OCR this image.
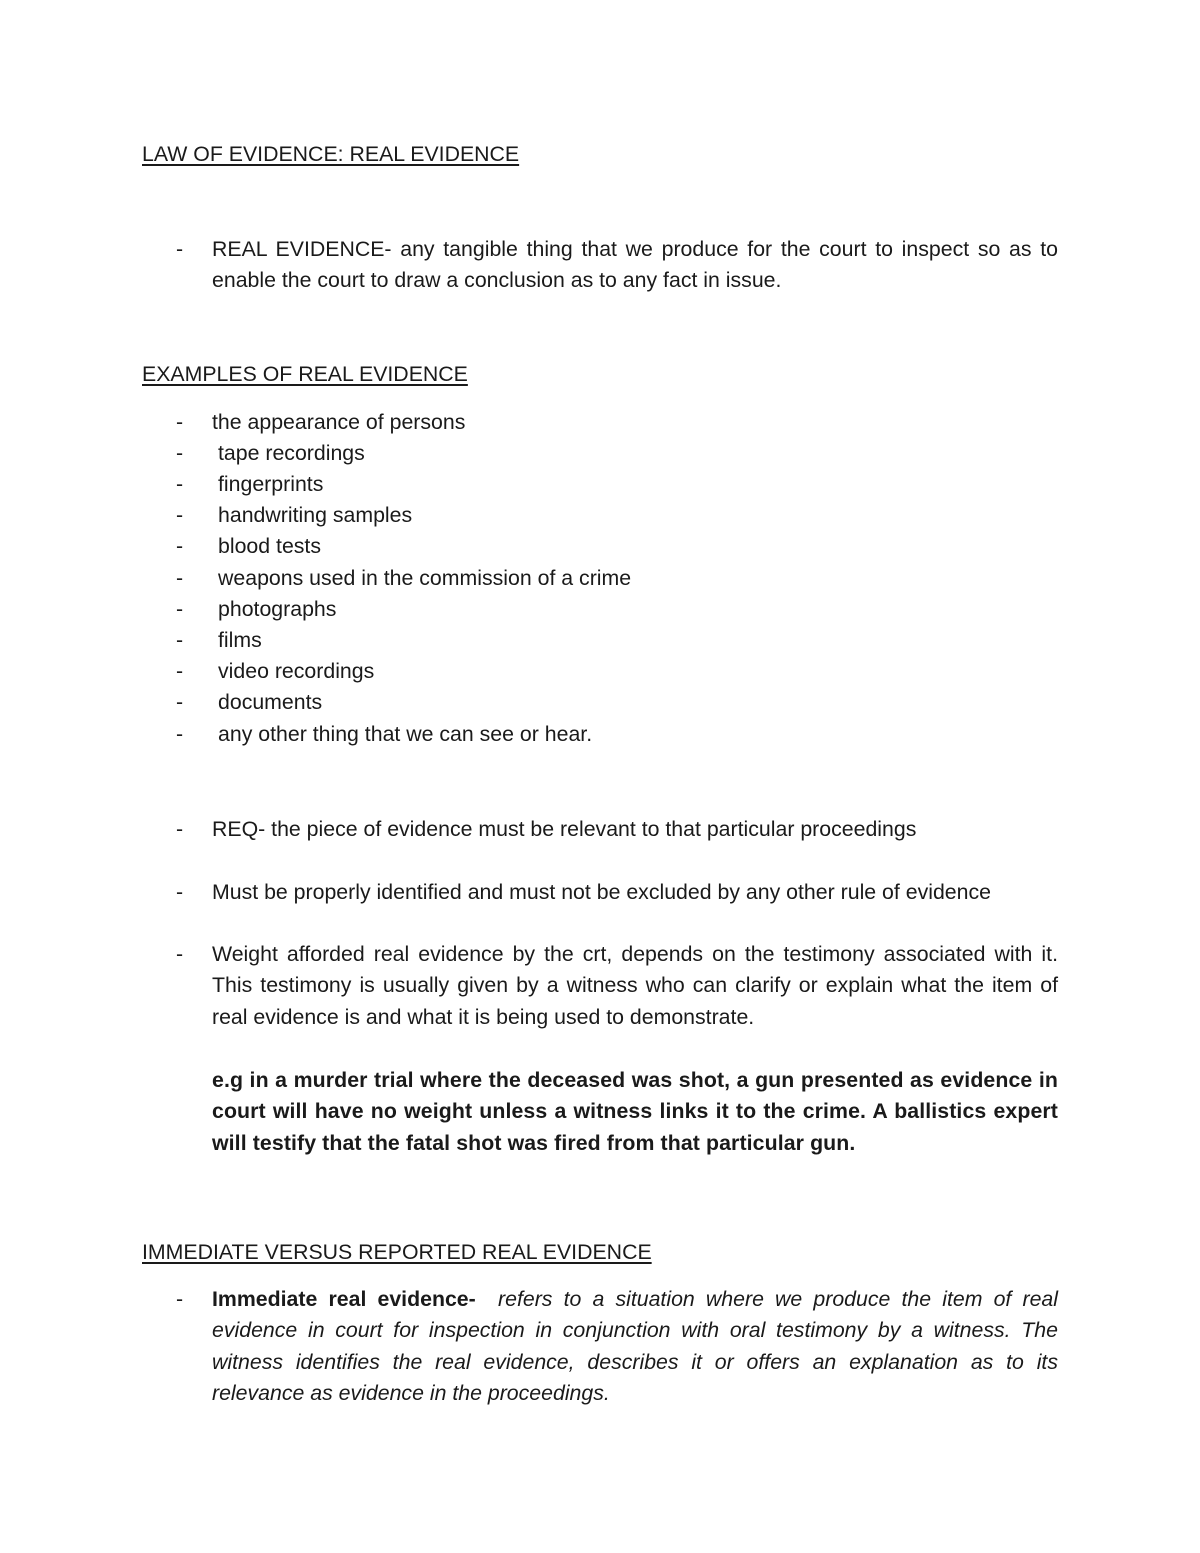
LAW OF EVIDENCE: REAL EVIDENCE
- REAL EVIDENCE- any tangible thing that we produce for the court to inspect so as to enable the court to draw a conclusion as to any fact in issue.
EXAMPLES OF REAL EVIDENCE
- the appearance of persons
- tape recordings
- fingerprints
- handwriting samples
- blood tests
- weapons used in the commission of a crime
- photographs
- films
- video recordings
- documents
- any other thing that we can see or hear.
- REQ- the piece of evidence must be relevant to that particular proceedings
- Must be properly identified and must not be excluded by any other rule of evidence
- Weight afforded real evidence by the crt, depends on the testimony associated with it. This testimony is usually given by a witness who can clarify or explain what the item of real evidence is and what it is being used to demonstrate.

e.g in a murder trial where the deceased was shot, a gun presented as evidence in court will have no weight unless a witness links it to the crime. A ballistics expert will testify that the fatal shot was fired from that particular gun.

IMMEDIATE VERSUS REPORTED REAL EVIDENCE
- Immediate real evidence- refers to a situation where we produce the item of real evidence in court for inspection in conjunction with oral testimony by a witness. The witness identifies the real evidence, describes it or offers an explanation as to its relevance as evidence in the proceedings.
